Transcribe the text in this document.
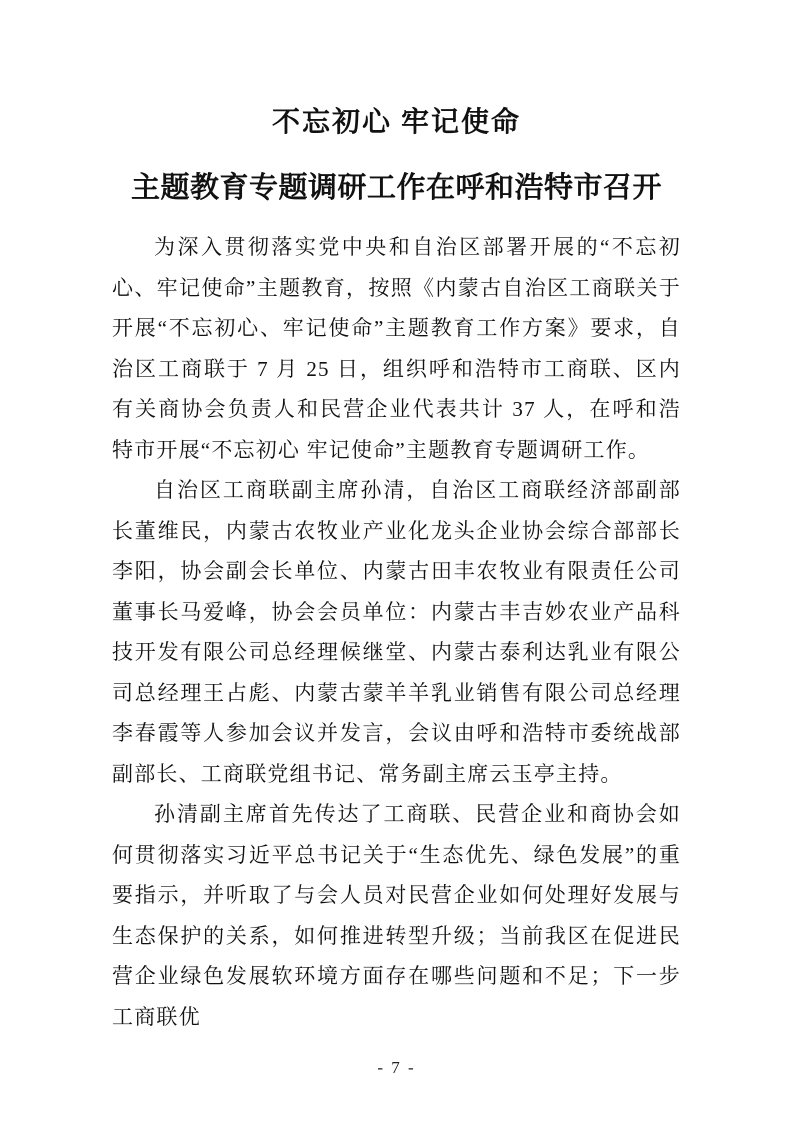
不忘初心 牢记使命
主题教育专题调研工作在呼和浩特市召开

为深入贯彻落实党中央和自治区部署开展的“不忘初心、牢记使命”主题教育，按照《内蒙古自治区工商联关于开展“不忘初心、牢记使命”主题教育工作方案》要求，自治区工商联于 7 月 25 日，组织呼和浩特市工商联、区内有关商协会负责人和民营企业代表共计 37 人，在呼和浩特市开展“不忘初心 牢记使命”主题教育专题调研工作。

自治区工商联副主席孙清，自治区工商联经济部副部长董维民，内蒙古农牧业产业化龙头企业协会综合部部长李阳，协会副会长单位、内蒙古田丰农牧业有限责任公司董事长马爱峰，协会会员单位：内蒙古丰吉妙农业产品科技开发有限公司总经理候继堂、内蒙古泰利达乳业有限公司总经理王占彪、内蒙古蒙羊羊乳业销售有限公司总经理李春霞等人参加会议并发言，会议由呼和浩特市委统战部副部长、工商联党组书记、常务副主席云玉亭主持。

孙清副主席首先传达了工商联、民营企业和商协会如何贯彻落实习近平总书记关于“生态优先、绿色发展”的重要指示，并听取了与会人员对民营企业如何处理好发展与生态保护的关系，如何推进转型升级；当前我区在促进民营企业绿色发展软环境方面存在哪些问题和不足；下一步工商联优

- 7 -
